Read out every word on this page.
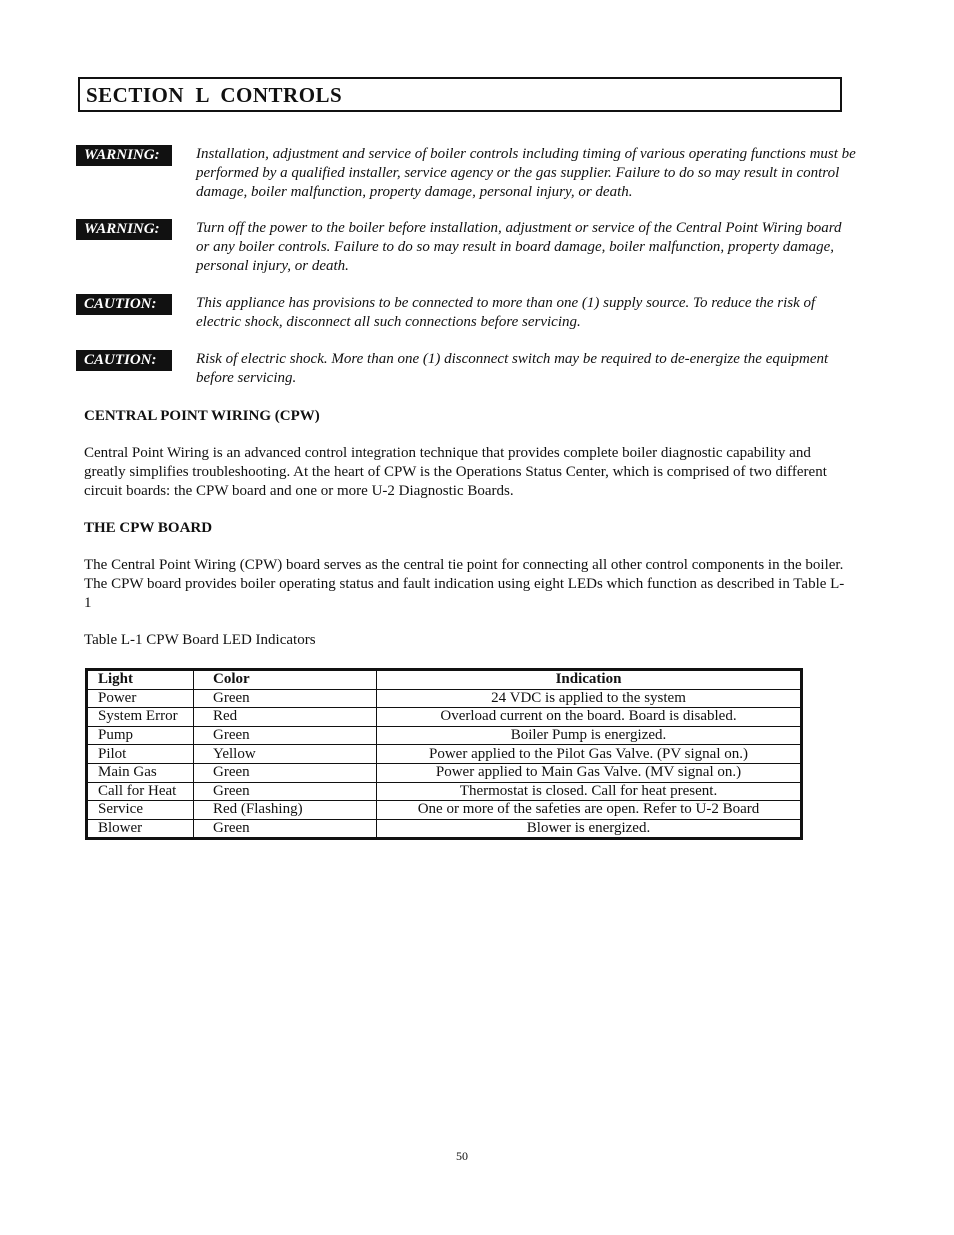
SECTION  L  CONTROLS
WARNING:	Installation, adjustment and service of boiler controls including timing of various operating functions must be performed by a qualified installer, service agency or the gas supplier. Failure to do so may result in control damage, boiler malfunction, property damage, personal injury, or death.

WARNING:	Turn off the power to the boiler before installation, adjustment or service of the Central Point Wiring board or any boiler controls. Failure to do so may result in board damage, boiler malfunction, property damage, personal injury, or death.

CAUTION:	This appliance has provisions to be connected to more than one (1) supply source. To reduce the risk of electric shock, disconnect all such connections before servicing.

CAUTION:	Risk of electric shock. More than one (1) disconnect switch may be required to de-energize the equipment before servicing.

CENTRAL POINT WIRING (CPW)

Central Point Wiring is an advanced control integration technique that provides complete boiler diagnostic capability and greatly simplifies troubleshooting. At the heart of CPW is the Operations Status Center, which is comprised of two different circuit boards: the CPW board and one or more U-2 Diagnostic Boards.

THE CPW BOARD

The Central Point Wiring (CPW) board serves as the central tie point for connecting all other control components in the boiler. The CPW board provides boiler operating status and fault indication using eight LEDs which function as described in Table L-1

Table L-1 CPW Board LED Indicators

Light	Color	Indication
Power	Green	24 VDC is applied to the system
System Error	Red	Overload current on the board. Board is disabled.
Pump	Green	Boiler Pump is energized.
Pilot	Yellow	Power applied to the Pilot Gas Valve. (PV signal on.)
Main Gas	Green	Power applied to Main Gas Valve. (MV signal on.)
Call for Heat	Green	Thermostat is closed. Call for heat present.
Service	Red (Flashing)	One or more of the safeties are open. Refer to U-2 Board
Blower	Green	Blower is energized.
50
